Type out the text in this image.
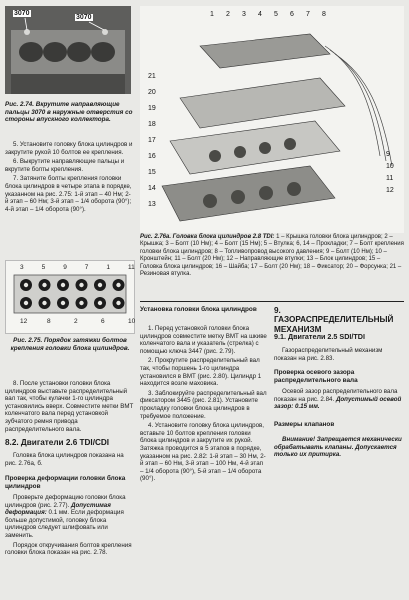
3070
3070
Рис. 2.74. Вкрутите направляющие пальцы 3070 в наружные отверстия со стороны впускного коллектора.

5. Установите головку блока цилиндров и закрутите рукой 10 болтов ее крепления.

6. Выкрутите направляющие пальцы и вкрутите болты крепления.

7. Затяните болты крепления головки блока цилиндров в четыре этапа в порядке, указанном на рис. 2.75: 1-й этап – 40 Нм; 2-й этап – 60 Нм; 3-й этап – 1/4 оборота (90°); 4-й этап – 1/4 оборота (90°).

3	5	9	7	1	11
12	8	2	6	10
Рис. 2.75. Порядок затяжки болтов крепления головки блока цилиндров.

8. После установки головки блока цилиндров выставьте распределительный вал так, чтобы кулачки 1-го цилиндра установились вверх. Совместите метки ВМТ коленчатого вала перед установкой зубчатого ремня привода распределительного вала.

8.2. Двигатели 2.6 TDI/CDI

Головка блока цилиндров показана на рис. 2.76а, б.

Проверка деформации головки блока цилиндров

Проверьте деформацию головки блока цилиндров (рис. 2.77). Допустимая деформация: 0.1 мм. Если деформация больше допустимой, головку блока цилиндров следует шлифовать или заменить.

Порядок откручивания болтов крепления головки блока показан на рис. 2.78.

1 2 3 4 5 6 7 8
9
10
11
12
13
14
15
16
17
18
19
20
21
Рис. 2.76а. Головка блока цилиндров 2.8 TDI: 1 – Крышка головки блока цилиндров; 2 – Крышка; 3 – Болт (10 Нм); 4 – Болт (15 Нм); 5 – Втулка; 6, 14 – Прокладки; 7 – Болт крепления головки блока цилиндров; 8 – Топливопровод высокого давления; 9 – Болт (10 Нм); 10 – Кронштейн; 11 – Болт (20 Нм); 12 – Направляющие втулки; 13 – Блок цилиндров; 15 – Головка блока цилиндров; 16 – Шайба; 17 – Болт (20 Нм); 18 – Фиксатор; 20 – Форсунка; 21 – Резиновая втулка.
Установка головки блока цилиндров

1. Перед установкой головки блока цилиндров совместите метку ВМТ на шкиве коленчатого вала и указатель (стрелка) с помощью ключа 3447 (рис. 2.79).

2. Прокрутите распределительный вал так, чтобы поршень 1-го цилиндра установился в ВМТ (рис. 2.80). Цилиндр 1 находится возле маховика.

3. Заблокируйте распределительный вал фиксатором 3445 (рис. 2.81). Установите прокладку головки блока цилиндров в требуемое положение.

4. Установите головку блока цилиндров, вставьте 10 болтов крепления головки блока цилиндров и закрутите их рукой. Затяжка проводится в 5 этапов в порядке, указанном на рис. 2.82: 1-й этап – 30 Нм, 2-й этап – 60 Нм, 3-й этап – 100 Нм, 4-й этап – 1/4 оборота (90°), 5-й этап – 1/4 оборота (90°).

9. ГАЗОРАСПРЕДЕЛИТЕЛЬНЫЙ МЕХАНИЗМ
9.1. Двигатели 2.5 SDI/TDI

Газораспределительный механизм показан на рис. 2.83.

Проверка осевого зазора распределительного вала

Осевой зазор распределительного вала показан на рис. 2.84. Допустимый осевой зазор: 0.15 мм.

Размеры клапанов

Внимание! Запрещается механически обрабатывать клапаны. Допускается только их притирка.
